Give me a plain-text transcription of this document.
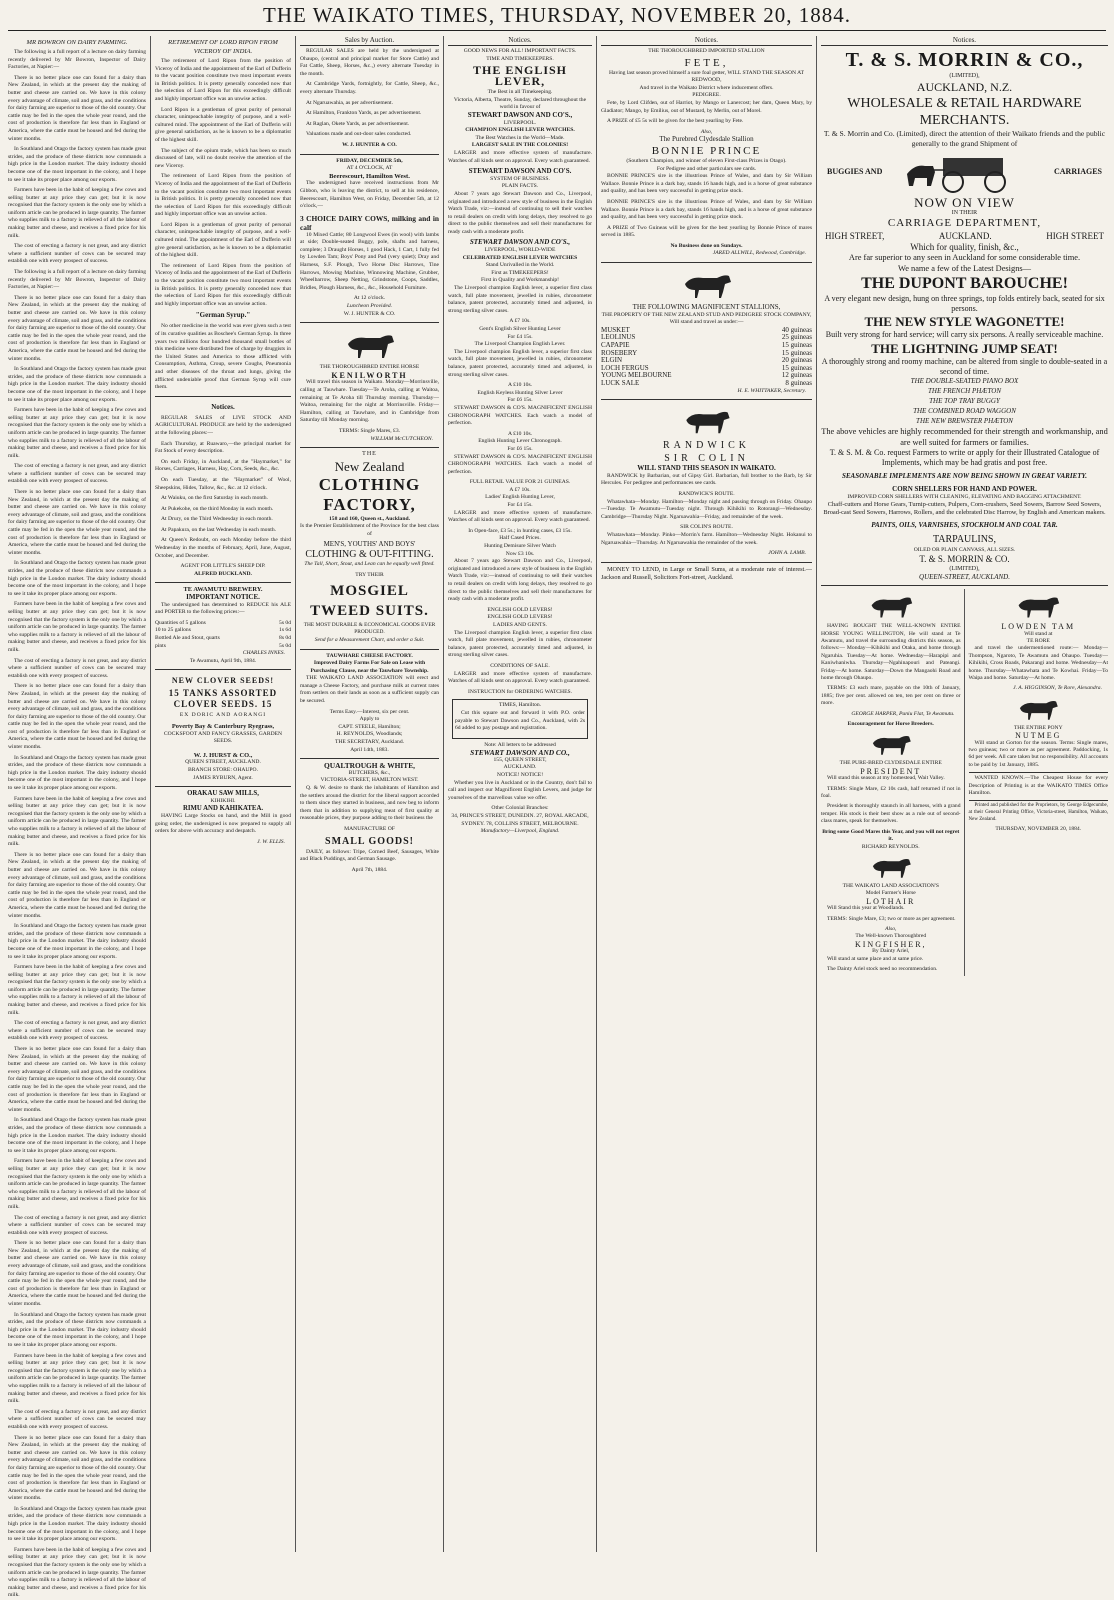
THE WAIKATO TIMES, THURSDAY, NOVEMBER 20, 1884.
MR BOWRON ON DAIRY FARMING.

The following is a full report of a lecture on dairy farming recently delivered by Mr Bowron, Inspector of Dairy Factories, at Napier:—

There is no better place one can found for a dairy than New Zealand, in which at the present day the making of butter and cheese are carried on. We have in this colony every advantage of climate, soil and grass, and the conditions for dairy farming are superior to those of the old country. Our cattle may be fed in the open the whole year round, and the cost of production is therefore far less than in England or America, where the cattle must be housed and fed during the winter months.

In Southland and Otago the factory system has made great strides, and the produce of these districts now commands a high price in the London market. The dairy industry should become one of the most important in the colony, and I hope to see it take its proper place among our exports.

Farmers have been in the habit of keeping a few cows and selling butter at any price they can get; but it is now recognised that the factory system is the only one by which a uniform article can be produced in large quantity. The farmer who supplies milk to a factory is relieved of all the labour of making butter and cheese, and receives a fixed price for his milk.

The cost of erecting a factory is not great, and any district where a sufficient number of cows can be secured may establish one with every prospect of success.

The following is a full report of a lecture on dairy farming recently delivered by Mr Bowron, Inspector of Dairy Factories, at Napier:—

There is no better place one can found for a dairy than New Zealand, in which at the present day the making of butter and cheese are carried on. We have in this colony every advantage of climate, soil and grass, and the conditions for dairy farming are superior to those of the old country. Our cattle may be fed in the open the whole year round, and the cost of production is therefore far less than in England or America, where the cattle must be housed and fed during the winter months.

In Southland and Otago the factory system has made great strides, and the produce of these districts now commands a high price in the London market. The dairy industry should become one of the most important in the colony, and I hope to see it take its proper place among our exports.

Farmers have been in the habit of keeping a few cows and selling butter at any price they can get; but it is now recognised that the factory system is the only one by which a uniform article can be produced in large quantity. The farmer who supplies milk to a factory is relieved of all the labour of making butter and cheese, and receives a fixed price for his milk.

The cost of erecting a factory is not great, and any district where a sufficient number of cows can be secured may establish one with every prospect of success.

There is no better place one can found for a dairy than New Zealand, in which at the present day the making of butter and cheese are carried on. We have in this colony every advantage of climate, soil and grass, and the conditions for dairy farming are superior to those of the old country. Our cattle may be fed in the open the whole year round, and the cost of production is therefore far less than in England or America, where the cattle must be housed and fed during the winter months.

In Southland and Otago the factory system has made great strides, and the produce of these districts now commands a high price in the London market. The dairy industry should become one of the most important in the colony, and I hope to see it take its proper place among our exports.

Farmers have been in the habit of keeping a few cows and selling butter at any price they can get; but it is now recognised that the factory system is the only one by which a uniform article can be produced in large quantity. The farmer who supplies milk to a factory is relieved of all the labour of making butter and cheese, and receives a fixed price for his milk.

The cost of erecting a factory is not great, and any district where a sufficient number of cows can be secured may establish one with every prospect of success.

There is no better place one can found for a dairy than New Zealand, in which at the present day the making of butter and cheese are carried on. We have in this colony every advantage of climate, soil and grass, and the conditions for dairy farming are superior to those of the old country. Our cattle may be fed in the open the whole year round, and the cost of production is therefore far less than in England or America, where the cattle must be housed and fed during the winter months.

In Southland and Otago the factory system has made great strides, and the produce of these districts now commands a high price in the London market. The dairy industry should become one of the most important in the colony, and I hope to see it take its proper place among our exports.

Farmers have been in the habit of keeping a few cows and selling butter at any price they can get; but it is now recognised that the factory system is the only one by which a uniform article can be produced in large quantity. The farmer who supplies milk to a factory is relieved of all the labour of making butter and cheese, and receives a fixed price for his milk.

There is no better place one can found for a dairy than New Zealand, in which at the present day the making of butter and cheese are carried on. We have in this colony every advantage of climate, soil and grass, and the conditions for dairy farming are superior to those of the old country. Our cattle may be fed in the open the whole year round, and the cost of production is therefore far less than in England or America, where the cattle must be housed and fed during the winter months.

In Southland and Otago the factory system has made great strides, and the produce of these districts now commands a high price in the London market. The dairy industry should become one of the most important in the colony, and I hope to see it take its proper place among our exports.

Farmers have been in the habit of keeping a few cows and selling butter at any price they can get; but it is now recognised that the factory system is the only one by which a uniform article can be produced in large quantity. The farmer who supplies milk to a factory is relieved of all the labour of making butter and cheese, and receives a fixed price for his milk.

The cost of erecting a factory is not great, and any district where a sufficient number of cows can be secured may establish one with every prospect of success.

There is no better place one can found for a dairy than New Zealand, in which at the present day the making of butter and cheese are carried on. We have in this colony every advantage of climate, soil and grass, and the conditions for dairy farming are superior to those of the old country. Our cattle may be fed in the open the whole year round, and the cost of production is therefore far less than in England or America, where the cattle must be housed and fed during the winter months.

In Southland and Otago the factory system has made great strides, and the produce of these districts now commands a high price in the London market. The dairy industry should become one of the most important in the colony, and I hope to see it take its proper place among our exports.

Farmers have been in the habit of keeping a few cows and selling butter at any price they can get; but it is now recognised that the factory system is the only one by which a uniform article can be produced in large quantity. The farmer who supplies milk to a factory is relieved of all the labour of making butter and cheese, and receives a fixed price for his milk.

The cost of erecting a factory is not great, and any district where a sufficient number of cows can be secured may establish one with every prospect of success.

There is no better place one can found for a dairy than New Zealand, in which at the present day the making of butter and cheese are carried on. We have in this colony every advantage of climate, soil and grass, and the conditions for dairy farming are superior to those of the old country. Our cattle may be fed in the open the whole year round, and the cost of production is therefore far less than in England or America, where the cattle must be housed and fed during the winter months.

In Southland and Otago the factory system has made great strides, and the produce of these districts now commands a high price in the London market. The dairy industry should become one of the most important in the colony, and I hope to see it take its proper place among our exports.

Farmers have been in the habit of keeping a few cows and selling butter at any price they can get; but it is now recognised that the factory system is the only one by which a uniform article can be produced in large quantity. The farmer who supplies milk to a factory is relieved of all the labour of making butter and cheese, and receives a fixed price for his milk.

The cost of erecting a factory is not great, and any district where a sufficient number of cows can be secured may establish one with every prospect of success.

There is no better place one can found for a dairy than New Zealand, in which at the present day the making of butter and cheese are carried on. We have in this colony every advantage of climate, soil and grass, and the conditions for dairy farming are superior to those of the old country. Our cattle may be fed in the open the whole year round, and the cost of production is therefore far less than in England or America, where the cattle must be housed and fed during the winter months.

In Southland and Otago the factory system has made great strides, and the produce of these districts now commands a high price in the London market. The dairy industry should become one of the most important in the colony, and I hope to see it take its proper place among our exports.

Farmers have been in the habit of keeping a few cows and selling butter at any price they can get; but it is now recognised that the factory system is the only one by which a uniform article can be produced in large quantity. The farmer who supplies milk to a factory is relieved of all the labour of making butter and cheese, and receives a fixed price for his milk.

RETIREMENT OF LORD RIPON FROM VICEROY OF INDIA.

The retirement of Lord Ripon from the position of Viceroy of India and the appointment of the Earl of Dufferin to the vacant position constitute two most important events in British politics. It is pretty generally conceded now that the selection of Lord Ripon for this exceedingly difficult and highly important office was an unwise action.

Lord Ripon is a gentleman of great purity of personal character, unimpeachable integrity of purpose, and a well-cultured mind. The appointment of the Earl of Dufferin will give general satisfaction, as he is known to be a diplomatist of the highest skill.

The subject of the opium trade, which has been so much discussed of late, will no doubt receive the attention of the new Viceroy.

The retirement of Lord Ripon from the position of Viceroy of India and the appointment of the Earl of Dufferin to the vacant position constitute two most important events in British politics. It is pretty generally conceded now that the selection of Lord Ripon for this exceedingly difficult and highly important office was an unwise action.

Lord Ripon is a gentleman of great purity of personal character, unimpeachable integrity of purpose, and a well-cultured mind. The appointment of the Earl of Dufferin will give general satisfaction, as he is known to be a diplomatist of the highest skill.

The retirement of Lord Ripon from the position of Viceroy of India and the appointment of the Earl of Dufferin to the vacant position constitute two most important events in British politics. It is pretty generally conceded now that the selection of Lord Ripon for this exceedingly difficult and highly important office was an unwise action.

"German Syrup."

No other medicine in the world was ever given such a test of its curative qualities as Boschee's German Syrup. In three years two millions four hundred thousand small bottles of this medicine were distributed free of charge by druggists in the United States and America to those afflicted with Consumption, Asthma, Croup, severe Coughs, Pneumonia and other diseases of the throat and lungs, giving the afflicted undeniable proof that German Syrup will cure them.

Notices.

REGULAR SALES of LIVE STOCK AND AGRICULTURAL PRODUCE are held by the undersigned at the following places:—

Each Thursday, at Ruawaro,—the principal market for Fat Stock of every description.

On each Friday, in Auckland, at the "Haymarket," for Horses, Carriages, Harness, Hay, Corn, Seeds, &c., &c.

On each Tuesday, at the "Haymarket" of Wool, Sheepskins, Hides, Tallow, &c., &c. at 12 o'clock.

At Waiuku, on the first Saturday in each month.

At Pukekohe, on the third Monday in each month.

At Drury, on the Third Wednesday in each month.

At Papakura, on the last Wednesday in each month.

At Queen's Redoubt, on each Monday before the third Wednesday in the months of February, April, June, August, October, and December.

AGENT FOR LITTLE'S SHEEP DIP.
ALFRED BUCKLAND.
TE AWAMUTU BREWERY.
IMPORTANT NOTICE.

The undersigned has determined to REDUCE his ALE and PORTER to the following prices:—

Quantities of 5 gallons	5s 0d
10 to 25 gallons	1s 6d
Bottled Ale and Stout, quarts	8s 0d
pints	5s 0d
CHARLES INNES.
Te Awamutu, April 9th, 1884.
NEW CLOVER SEEDS!
15 TANKS ASSORTED CLOVER SEEDS. 15
EX DORIC AND AORANGI
Poverty Bay & Canterbury Ryegrass,
COCKSFOOT AND FANCY GRASSES, GARDEN SEEDS.
W. J. HURST & CO.,
QUEEN STREET, AUCKLAND.
BRANCH STORE: OHAUPO.
JAMES RYBURN, Agent.
ORAKAU SAW MILLS,
KIHIKIHI.
RIMU AND KAHIKATEA.

HAVING Large Stocks on hand, and the Mill in good going order, the undersigned is now prepared to supply all orders for above with accuracy and despatch.

J. W. ELLIS.
Sales by Auction.

REGULAR SALES are held by the undersigned at Ohaupo, (central and principal market for Store Cattle) and Fat Cattle, Sheep, Horses, &c.,) every alternate Tuesday in the month.

At Cambridge Yards, fortnightly, for Cattle, Sheep, &c., every alternate Thursday.

At Ngaruawahia, as per advertisement.

At Hamilton, Frankton Yards, as per advertisement.

At Raglan, Okete Yards, as per advertisement.

Valuations made and out-door sales conducted.

W. J. HUNTER & CO.
FRIDAY, DECEMBER 5th,
AT 4 O'CLOCK, AT
Beerescourt, Hamilton West.

The undersigned have received instructions from Mr Gibbon, who is leaving the district, to sell at his residence, Beerescourt, Hamilton West, on Friday, December 5th, at 12 o'clock,—

3 CHOICE DAIRY COWS, milking and in calf

10 Mixed Cattle; 80 Longwool Ewes (in wool) with lambs at side; Double-seated Buggy, pole, shafts and harness, complete; 3 Draught Horses, 1 good Hack, 1 Cart, 1 fully fed by Lowden Tam; Boys' Pony and Pad (very quiet); Dray and Harness, S.F. Plough, Two Horse Disc Harrows, Tine Harrows, Mowing Machine, Winnowing Machine, Grubber, Wheelbarrow, Sheep Netting, Grindstone, Coops, Saddles, Bridles, Plough Harness, &c., &c., Household Furniture.

At 12 o'clock.
Luncheon Provided.
W. J. HUNTER & CO.
THE THOROUGHBRED ENTIRE HORSE
KENILWORTH

Will travel this season in Waikato. Monday—Morrinsville, calling at Tauwhare. Tuesday—Te Aroha, calling at Waitoa, remaining at Te Aroha till Thursday morning. Thursday—Waitoa, remaining for the night at Morrinsville. Friday—Hamilton, calling at Tauwhare, and in Cambridge from Saturday till Monday morning.

TERMS: Single Mares, £3.
WILLIAM McCUTCHEON.
THE
New Zealand
CLOTHING
FACTORY,
158 and 160, Queen st., Auckland.
Is the Premier Establishment of the Province for the best class of
MEN'S, YOUTHS' AND BOYS'
CLOTHING & OUT-FITTING.
The Tall, Short, Stout, and Lean can be equally well fitted.
TRY THEIR
MOSGIEL
TWEED SUITS.
THE MOST DURABLE & ECONOMICAL GOODS EVER PRODUCED.
Send for a Measurement Chart, and order a Suit.
TAUWHARE CHEESE FACTORY.
Improved Dairy Farms For Sale on Lease with Purchasing Clause, near the Tauwhare Township.

THE WAIKATO LAND ASSOCIATION will erect and manage a Cheese Factory, and purchase milk at current rates from settlers on their lands as soon as a sufficient supply can be secured.

Terms Easy.—Interest, six per cent.
Apply to
CAPT. STEELE, Hamilton;
H. REYNOLDS, Woodlands;
THE SECRETARY, Auckland.
April 14th, 1883.
QUALTROUGH & WHITE,
BUTCHERS, &c.,
VICTORIA-STREET, HAMILTON WEST.

Q. & W. desire to thank the inhabitants of Hamilton and the settlers around the district for the liberal support accorded to them since they started in business, and now beg to inform them that in addition to supplying meat of first quality at reasonable prices, they purpose adding to their business the

MANUFACTURE OF
SMALL GOODS!

DAILY, as follows: Tripe, Corned Beef, Sausages, White and Black Puddings, and German Sausage.

April 7th, 1884.
Notices.
GOOD NEWS FOR ALL! IMPORTANT FACTS.
TIME AND TIMEKEEPERS.
THE ENGLISH LEVER,
The Best in all Timekeeping.
Victoria, Alberta, Theatre, Sunday, declared throughout the world in favour of
STEWART DAWSON AND CO'S.,
LIVERPOOL.
CHAMPION ENGLISH LEVER WATCHES.
The Best Watches in the World—Made.
LARGEST SALE IN THE COLONIES!

LARGER and more effective system of manufacture. Watches of all kinds sent on approval. Every watch guaranteed.

STEWART DAWSON AND CO'S.
SYSTEM OF BUSINESS.
PLAIN FACTS.

About 7 years ago Stewart Dawson and Co., Liverpool, originated and introduced a new style of business in the English Watch Trade, viz:—instead of continuing to sell their watches to retail dealers on credit with long delays, they resolved to go direct to the public themselves and sell their manufactures for ready cash with a moderate profit.

STEWART DAWSON AND CO'S.,
LIVERPOOL, WORLD-WIDE
CELEBRATED ENGLISH LEVER WATCHES
Stand Unrivalled in the World.
First as TIMEKEEPERS!
First in Quality and Workmanship!

The Liverpool champion English lever, a superior first class watch, full plate movement, jewelled in rubies, chronometer balance, patent protected, accurately timed and adjusted, in strong sterling silver cases.

A £7 10s.
Gent's English Silver Hunting Lever
For £4 15s.
The Liverpool Champion English Lever.

The Liverpool champion English lever, a superior first class watch, full plate movement, jewelled in rubies, chronometer balance, patent protected, accurately timed and adjusted, in strong sterling silver cases.

A £10 10s.
English Keyless Hunting Silver Lever
For £6 15s.

STEWART DAWSON & CO'S. MAGNIFICENT ENGLISH CHRONOGRAPH WATCHES. Each watch a model of perfection.

A £10 10s.
English Hunting Lever Chronograph.
For £6 15s.

STEWART DAWSON & CO'S. MAGNIFICENT ENGLISH CHRONOGRAPH WATCHES. Each watch a model of perfection.

FULL RETAIL VALUE FOR 21 GUINEAS.
A £7 10s.
Ladies' English Hunting Lever,
For £4 15s.

LARGER and more effective system of manufacture. Watches of all kinds sent on approval. Every watch guaranteed.

In Open-face, £3 5s.; in hunting cases, £3 15s.
Half Cased Prices.
Hunting Demisure Silver Watch
Now £3 10s.

About 7 years ago Stewart Dawson and Co., Liverpool, originated and introduced a new style of business in the English Watch Trade, viz:—instead of continuing to sell their watches to retail dealers on credit with long delays, they resolved to go direct to the public themselves and sell their manufactures for ready cash with a moderate profit.

ENGLISH GOLD LEVERS!
ENGLISH GOLD LEVERS!
LADIES AND GENTS.

The Liverpool champion English lever, a superior first class watch, full plate movement, jewelled in rubies, chronometer balance, patent protected, accurately timed and adjusted, in strong sterling silver cases.

CONDITIONS OF SALE.

LARGER and more effective system of manufacture. Watches of all kinds sent on approval. Every watch guaranteed.

INSTRUCTION for ORDERING WATCHES.
TIMES, Hamilton.

Cut this square out and forward it with P.O. order payable to Stewart Dawson and Co., Auckland, with 2s 6d added to pay postage and registration.

Note: All letters to be addressed
STEWART DAWSON AND CO.,
155, QUEEN STREET,
AUCKLAND.
NOTICE! NOTICE!

Whether you live in Auckland or in the Country, don't fail to call and inspect our Magnificent English Levers, and judge for yourselves of the marvellous value we offer.

Other Colonial Branches:
34, PRINCE'S STREET, DUNEDIN. 27, ROYAL ARCADE, SYDNEY. 78, COLLINS STREET, MELBOURNE.
Manufactory—Liverpool, England.
Notices.
THE THOROUGHBRED IMPORTED STALLION
FETE,
Having last season proved himself a sure foal getter, WILL STAND THE SEASON AT REDWOOD,
And travel in the Waikato District where inducement offers.
PEDIGREE.

Fete, by Lord Clifden, out of Harriot, by Mango or Lanercost; her dam, Queen Mary, by Gladiator; Mango, by Emilius, out of Mustard, by Merlin, out of Morel.

A PRIZE of £5 5s will be given for the best yearling by Fete.

Also,
The Purebred Clydesdale Stallion
BONNIE PRINCE
(Southern Champion, and winner of eleven First-class Prizes in Otago).
For Pedigree and other particulars see cards.

BONNIE PRINCE'S sire is the illustrious Prince of Wales, and dam by Sir William Wallace. Bonnie Prince is a dark bay, stands 16 hands high, and is a horse of great substance and quality, and has been very successful in getting prize stock.

BONNIE PRINCE'S sire is the illustrious Prince of Wales, and dam by Sir William Wallace. Bonnie Prince is a dark bay, stands 16 hands high, and is a horse of great substance and quality, and has been very successful in getting prize stock.

A PRIZE of Two Guineas will be given for the best yearling by Bonnie Prince of mares served in 1885.

No Business done on Sundays.
JARED ALLWILL, Redwood, Cambridge.
THE FOLLOWING MAGNIFICENT STALLIONS,
THE PROPERTY OF THE NEW ZEALAND STUD AND PEDIGREE STOCK COMPANY,
Will stand and travel as under:—
MUSKET	40 guineas
LEOLINUS	25 guineas
CAPAPIE	15 guineas
ROSEBERY	15 guineas
ELGIN	20 guineas
LOCH FERGUS	15 guineas
YOUNG MELBOURNE	12 guineas
LUCK SALE	8 guineas
H. E. WHITTAKER, Secretary.
RANDWICK
SIR COLIN
WILL STAND THIS SEASON IN WAIKATO.

RANDWICK by Barbarian, out of Gipsy Girl. Barbarian, full brother to the Barb, by Sir Hercules. For pedigree and performances see cards.

RANDWICK'S ROUTE.

Whatawhata—Monday. Hamilton—Monday night and passing through on Friday. Ohaupo—Tuesday. Te Awamutu—Tuesday night. Through Kihikihi to Rotorangi—Wednesday. Cambridge—Thursday Night. Ngaruawahia—Friday, and remainder of the week.

SIR COLIN'S ROUTE.

Whatawhata—Monday. Pinko—Morrin's farm. Hamilton—Wednesday Night. Hokanui to Ngaruawahia—Thursday. At Ngaruawahia the remainder of the week.

JOHN A. LAMB.

MONEY TO LEND, in Large or Small Sums, at a moderate rate of interest.—Jackson and Russell, Solicitors Fort-street, Auckland.

Notices.
T. & S. MORRIN & CO.,
(LIMITED),
AUCKLAND, N.Z.
WHOLESALE & RETAIL HARDWARE MERCHANTS.
T. & S. Morrin and Co. (Limited), direct the attention of their Waikato friends and the public generally to the grand Shipment of
BUGGIES AND	CARRIAGES
NOW ON VIEW
IN THEIR
CARRIAGE DEPARTMENT,
HIGH STREET,	AUCKLAND.	HIGH STREET
Which for quality, finish, &c.,
Are far superior to any seen in Auckland for some considerable time.
We name a few of the Latest Designs—
THE DUPONT BAROUCHE!
A very elegant new design, hung on three springs, top folds entirely back, seated for six persons.
THE NEW STYLE WAGONETTE!
Built very strong for hard service; will carry six persons. A really serviceable machine.
THE LIGHTNING JUMP SEAT!
A thoroughly strong and roomy machine, can be altered from single to double-seated in a second of time.
THE DOUBLE-SEATED PIANO BOX
THE FRENCH PHÆTON
THE TOP TRAY BUGGY
THE COMBINED ROAD WAGGON
THE NEW BREWSTER PHÆTON
The above vehicles are highly recommended for their strength and workmanship, and are well suited for farmers or families.
T. & S. M. & Co. request Farmers to write or apply for their Illustrated Catalogue of Implements, which may be had gratis and post free.
SEASONABLE IMPLEMENTS ARE NOW BEING SHOWN IN GREAT VARIETY.
CORN SHELLERS FOR HAND AND POWER.
IMPROVED CORN SHELLERS WITH CLEANING, ELEVATING AND BAGGING ATTACHMENT.
Chaff-cutters and Horse Gears, Turnip-cutters, Pulpers, Corn-crushers, Seed Sowers, Barrow Seed Sowers, Broad-cast Seed Sowers, Harrows, Rollers, and the celebrated Disc Harrow, by English and American makers.
PAINTS, OILS, VARNISHES, STOCKHOLM AND COAL TAR.
TARPAULINS,
OILED OR PLAIN CANVASS, ALL SIZES.
T. & S. MORRIN & CO.
(LIMITED),
QUEEN-STREET, AUCKLAND.

HAVING BOUGHT THE WELL-KNOWN ENTIRE HORSE YOUNG WELLINGTON, He will stand at Te Awamutu, and travel the surrounding districts this season, as follows:— Monday—Kihikihi and Otaka, and home through Ngaruhia. Tuesday—At home. Wednesday—Harapipi and Kaniwhaniwha. Thursday—Ngahinapouri and Pateangi. Friday—At home. Saturday—Down the Mangaohi Road and home through Ohaupo.

TERMS: £3 each mare, payable on the 10th of January, 1885; five per cent. allowed on ten, ten per cent on three or more.

GEORGE HARPER, Puniu Flat, Te Awamutu.
Encouragement for Horse Breeders.
THE PURE-BRED CLYDESDALE ENTIRE
PRESIDENT

Will stand this season at my homestead, Wait Valley.

TERMS: Single Mare, £2 10s cash, half returned if not in foal.

President is thoroughly staunch in all harness, with a grand temper. His stock is their best show as a rule out of second-class mares, speak for themselves.

Bring some Good Mares this Year, and you will not regret it.
RICHARD REYNOLDS.
THE WAIKATO LAND ASSOCIATION'S
Model Farmer's Horse
LOTHAIR

Will Stand this year at Woodlands.

TERMS: Single Mare, £3; two or more as per agreement.

Also,
The Well-known Thoroughbred
KINGFISHER,
By Dainty Ariel,

Will stand at same place and at same price.

The Dainty Ariel stock need no recommendation.

LOWDEN TAM
Will stand at
TE RORE

and travel the undermentioned route:— Monday—Thompson, Ngaroto, Te Awamutu and Ohaupo. Tuesday—Kihikihi, Cross Roads, Pakarangi and home. Wednesday—At home. Thursday—Whatawhata and Te Kowhai. Friday—To Waipa and home. Saturday—At home.

J. A. HIGGINSON, Te Rore, Alexandra.
THE ENTIRE PONY
NUTMEG

Will stand at Gorton for the season. Terms: Single mares, two guineas; two or more as per agreement. Paddocking, 1s 6d per week. All care taken but no responsibility. All accounts to be paid by 1st January, 1885.

WANTED KNOWN.—The Cheapest House for every Description of Printing is at the WAIKATO TIMES Office Hamilton.

Printed and published for the Proprietors, by George Edgecumbe, at their General Printing Office, Victoria-street, Hamilton, Waikato, New Zealand.

THURSDAY, NOVEMBER 20, 1884.
